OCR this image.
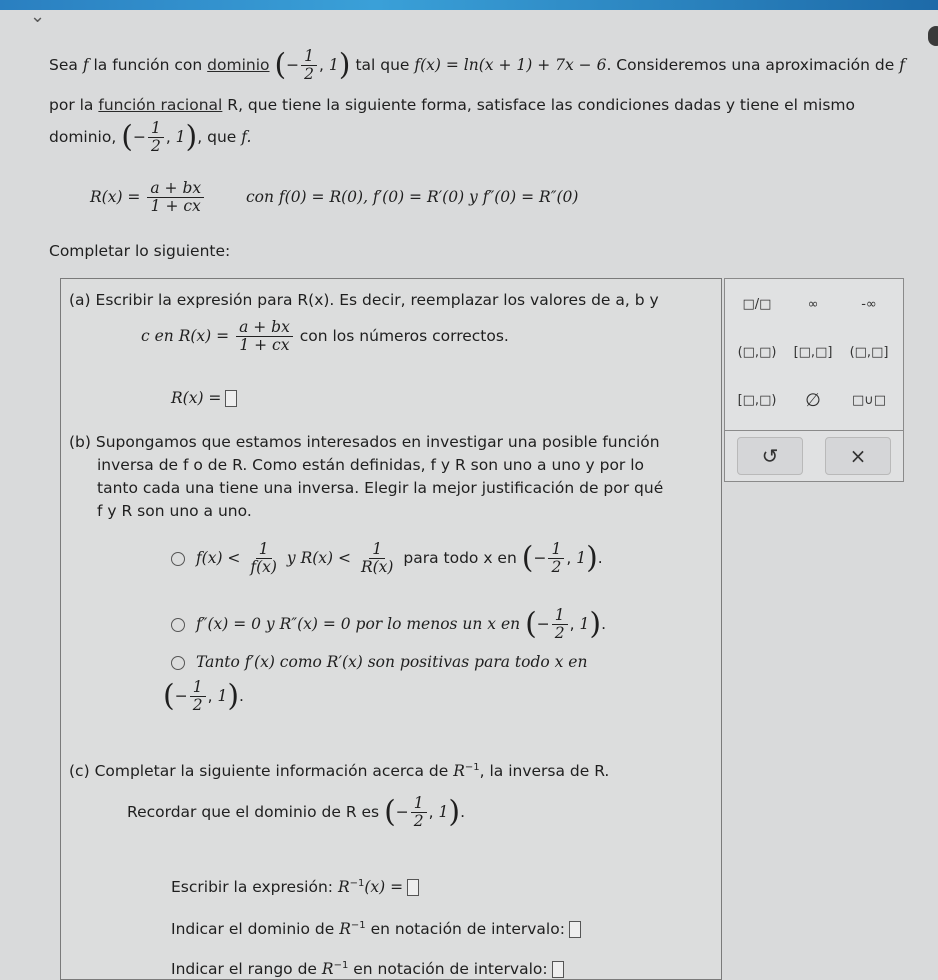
⌄
Sea f la función con dominio (− $\frac{1}{2}$ , 1) tal que f(x) = ln(x + 1) + 7x − 6. Consideremos una aproximación de f
por la función racional R, que tiene la siguiente forma, satisface las condiciones dadas y tiene el mismo
dominio, (− $\frac{1}{2}$ , 1), que f.
$R(x) = \frac{a + bx}{1 + cx}$	con f(0) = R(0), f′(0) = R′(0) y f″(0) = R″(0)
Completar lo siguiente:
(a) Escribir la expresión para R(x). Es decir, reemplazar los valores de a, b y
c en $R(x) = \frac{a + bx}{1 + cx}$ con los números correctos.
R(x) =
(b) Supongamos que estamos interesados en investigar una posible función
inversa de f o de R. Como están definidas, f y R son uno a uno y por lo
tanto cada una tiene una inversa. Elegir la mejor justificación de por qué
f y R son uno a uno.
$f(x) < \frac{1}{f(x)}$ y $R(x) < \frac{1}{R(x)}$ para todo x en (− $\frac{1}{2}$ , 1).
f″(x) = 0 y R″(x) = 0 por lo menos un x en (− $\frac{1}{2}$ , 1).
Tanto f′(x) como R′(x) son positivas para todo x en
(− $\frac{1}{2}$ , 1).
(c) Completar la siguiente información acerca de $R^{-1}$, la inversa de R.
Recordar que el dominio de R es (− $\frac{1}{2}$ , 1).
Escribir la expresión: $R^{-1}(x)$ =
Indicar el dominio de $R^{-1}$ en notación de intervalo:
Indicar el rango de $R^{-1}$ en notación de intervalo:
□/□	∞	-∞
(□,□)	[□,□]	(□,□]
[□,□)	∅	□∪□
↺	×
